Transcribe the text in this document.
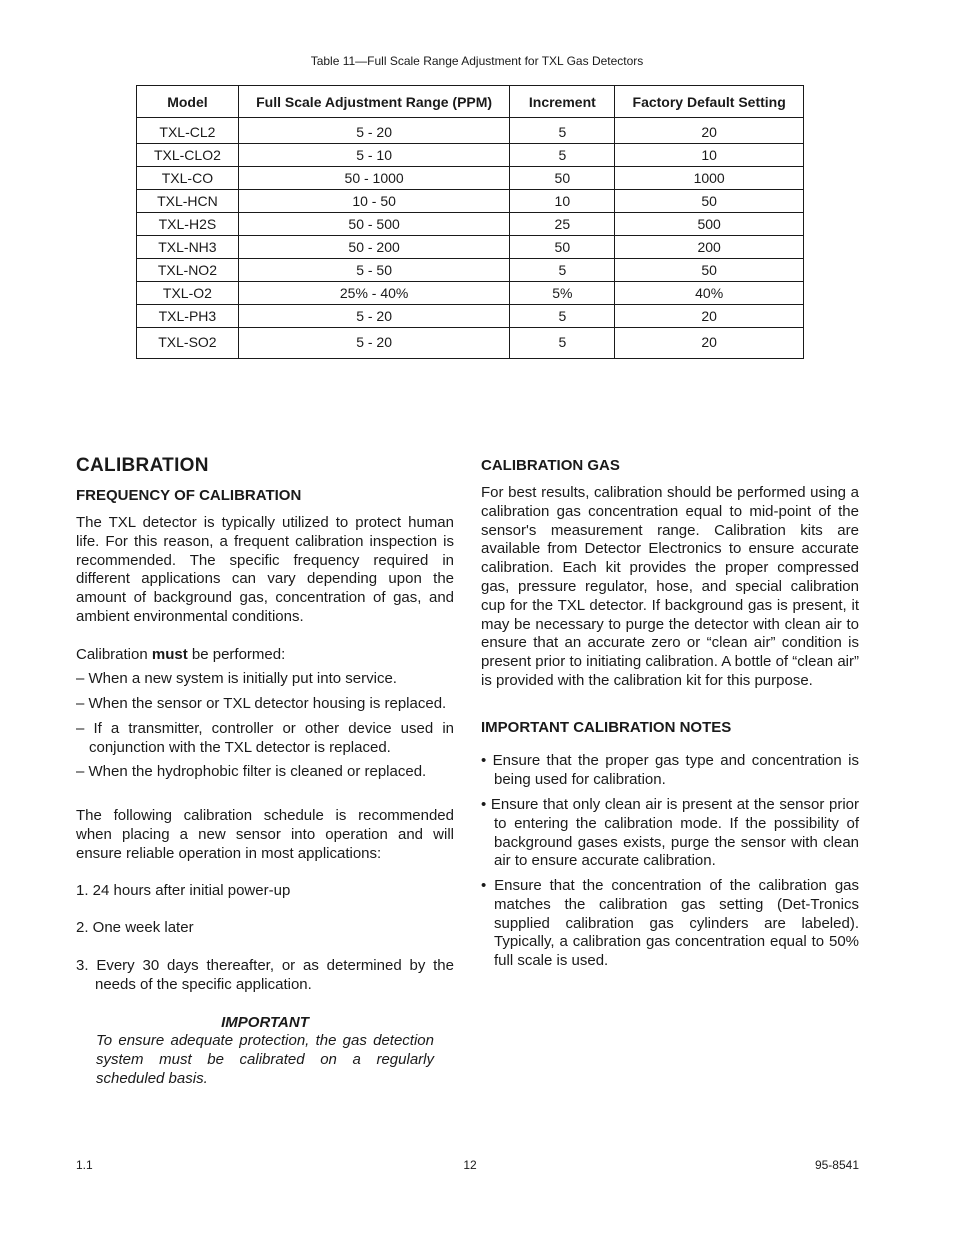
Table 11—Full Scale Range Adjustment for TXL Gas Detectors
Model	Full Scale Adjustment Range (PPM)	Increment	Factory Default Setting
TXL-CL2	5 - 20	5	20
TXL-CLO2	5 - 10	5	10
TXL-CO	50 - 1000	50	1000
TXL-HCN	10 - 50	10	50
TXL-H2S	50 - 500	25	500
TXL-NH3	50 - 200	50	200
TXL-NO2	5 - 50	5	50
TXL-O2	25% - 40%	5%	40%
TXL-PH3	5 - 20	5	20
TXL-SO2	5 - 20	5	20
CALIBRATION
FREQUENCY OF CALIBRATION
The TXL detector is typically utilized to protect human life. For this reason, a frequent calibration inspection is recommended. The specific frequency required in different applications can vary depending upon the amount of background gas, concentration of gas, and ambient environmental conditions.
Calibration must be performed:
– When a new system is initially put into service.
– When the sensor or TXL detector housing is replaced.
– If a transmitter, controller or other device used in conjunction with the TXL detector is replaced.
– When the hydrophobic filter is cleaned or replaced.
The following calibration schedule is recommended when placing a new sensor into operation and will ensure reliable operation in most applications:
1. 24 hours after initial power-up
2. One week later
3. Every 30 days thereafter, or as determined by the needs of the specific application.
IMPORTANT
To ensure adequate protection, the gas detection system must be calibrated on a regularly scheduled basis.
CALIBRATION GAS
For best results, calibration should be performed using a calibration gas concentration equal to mid-point of the sensor's measurement range. Calibration kits are available from Detector Electronics to ensure accurate calibration. Each kit provides the proper compressed gas, pressure regulator, hose, and special calibration cup for the TXL detector. If background gas is present, it may be necessary to purge the detector with clean air to ensure that an accurate zero or “clean air” condition is present prior to initiating calibration. A bottle of “clean air” is provided with the calibration kit for this purpose.
IMPORTANT CALIBRATION NOTES
• Ensure that the proper gas type and concentration is being used for calibration.
• Ensure that only clean air is present at the sensor prior to entering the calibration mode. If the possibility of background gases exists, purge the sensor with clean air to ensure accurate calibration.
• Ensure that the concentration of the calibration gas matches the calibration gas setting (Det-Tronics supplied calibration gas cylinders are labeled). Typically, a calibration gas concentration equal to 50% full scale is used.
1.1	12	95-8541
